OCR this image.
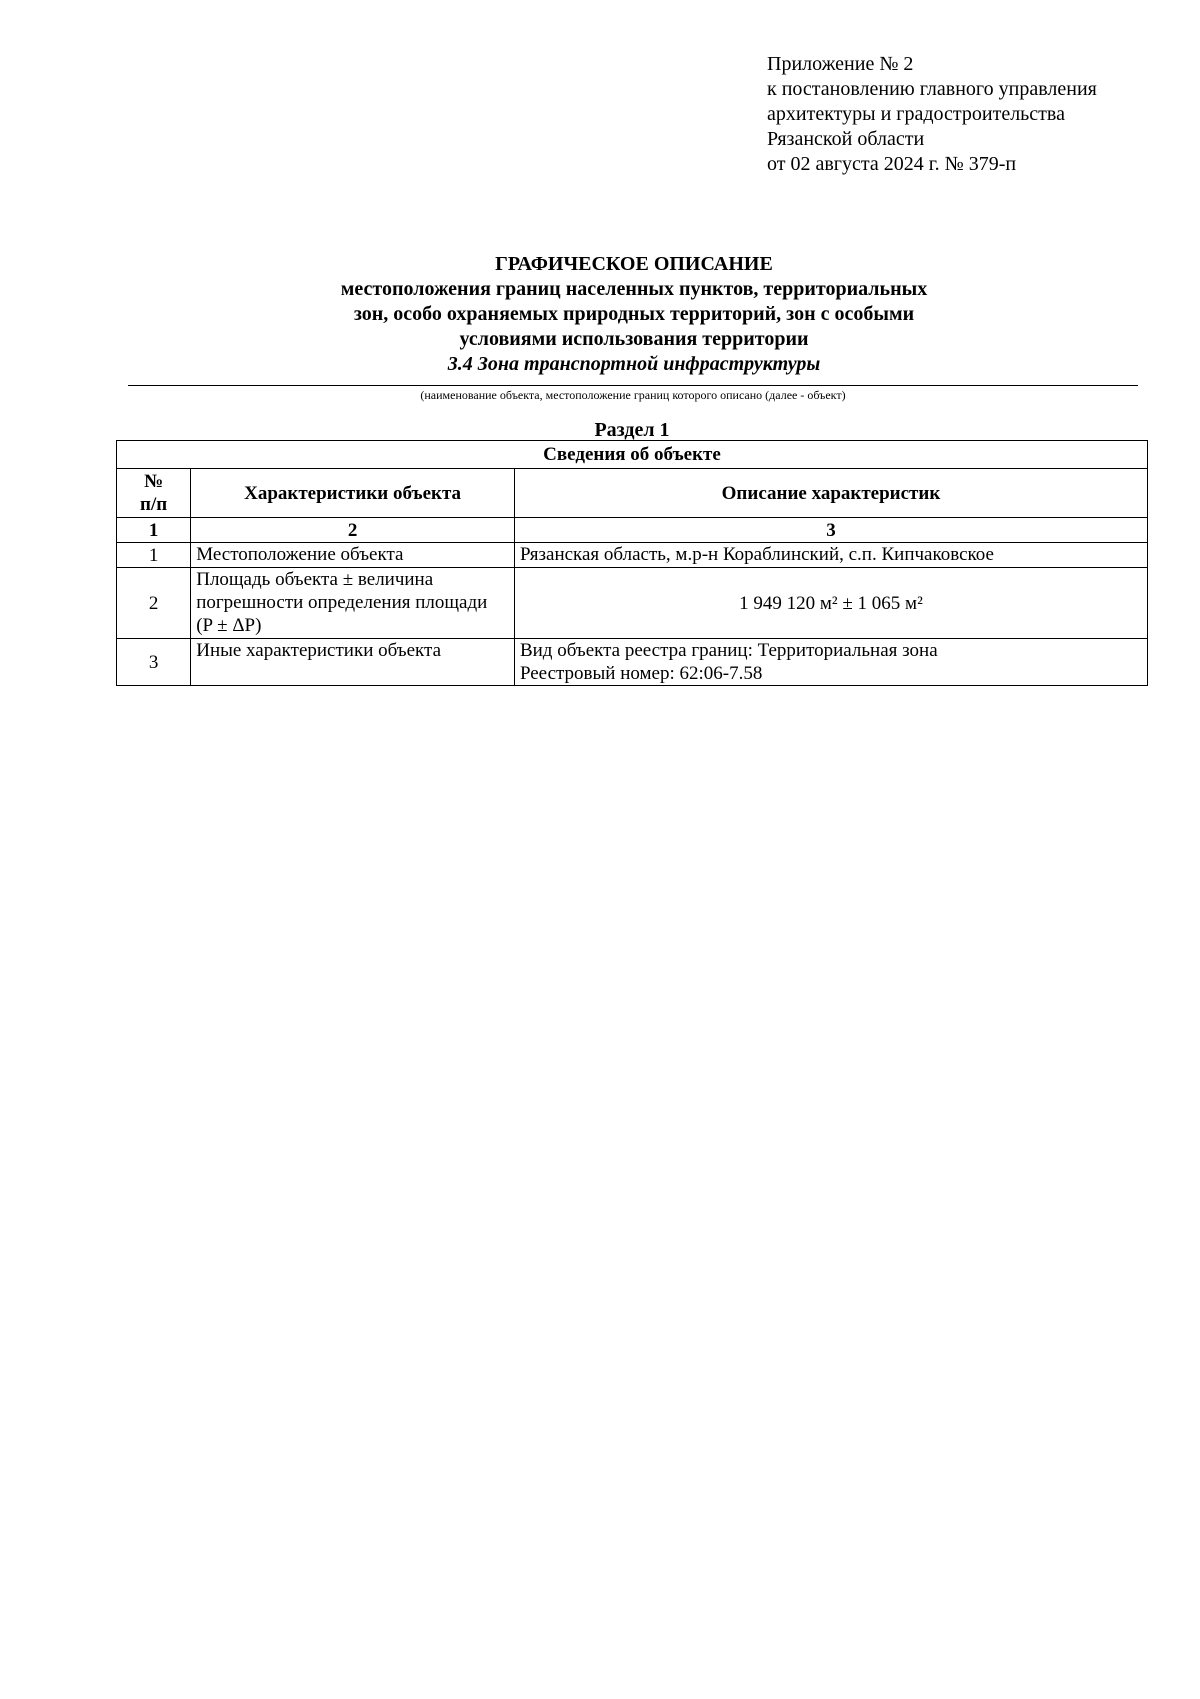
Приложение № 2
к постановлению главного управления
архитектуры и градостроительства
Рязанской области
от 02 августа 2024 г. № 379-п
ГРАФИЧЕСКОЕ ОПИСАНИЕ
местоположения границ населенных пунктов, территориальных
зон, особо охраняемых природных территорий, зон с особыми
условиями использования территории
3.4 Зона транспортной инфраструктуры
(наименование объекта, местоположение границ которого описано (далее - объект)
Раздел 1
Сведения об объекте		

№
п/п	Характеристики объекта	Описание характеристик
1	2	3
1	Местоположение объекта	Рязанская область, м.р-н Кораблинский, с.п. Кипчаковское

2	Площадь объекта ± величина
погрешности определения площади
(P ± ΔP)	1 949 120 м² ± 1 065 м²

3	Иные характеристики объекта	Вид объекта реестра границ: Территориальная зона
Реестровый номер: 62:06-7.58
